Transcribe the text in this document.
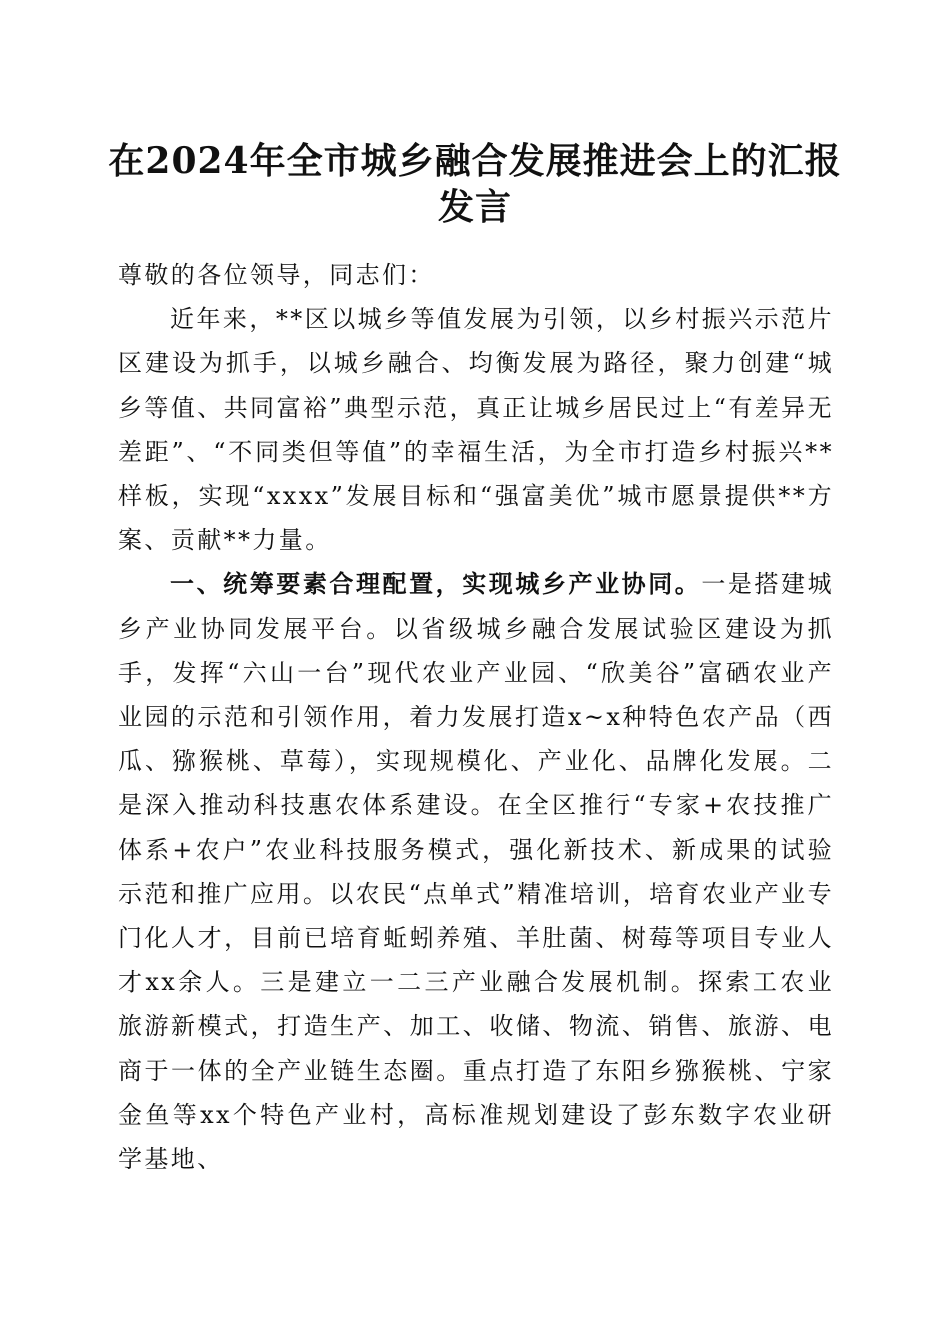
在2024年全市城乡融合发展推进会上的汇报
发言

尊敬的各位领导，同志们：

近年来，**区以城乡等值发展为引领，以乡村振兴示范片区建设为抓手，以城乡融合、均衡发展为路径，聚力创建“城乡等值、共同富裕”典型示范，真正让城乡居民过上“有差异无差距”、“不同类但等值”的幸福生活，为全市打造乡村振兴**样板，实现“xxxx”发展目标和“强富美优”城市愿景提供**方案、贡献**力量。

一、统筹要素合理配置，实现城乡产业协同。一是搭建城乡产业协同发展平台。以省级城乡融合发展试验区建设为抓手，发挥“六山一台”现代农业产业园、“欣美谷”富硒农业产业园的示范和引领作用，着力发展打造x~x种特色农产品（西瓜、猕猴桃、草莓），实现规模化、产业化、品牌化发展。二是深入推动科技惠农体系建设。在全区推行“专家+农技推广体系+农户”农业科技服务模式，强化新技术、新成果的试验示范和推广应用。以农民“点单式”精准培训，培育农业产业专门化人才，目前已培育蚯蚓养殖、羊肚菌、树莓等项目专业人才xx余人。三是建立一二三产业融合发展机制。探索工农业旅游新模式，打造生产、加工、收储、物流、销售、旅游、电商于一体的全产业链生态圈。重点打造了东阳乡猕猴桃、宁家金鱼等xx个特色产业村，高标准规划建设了彭东数字农业研学基地、
